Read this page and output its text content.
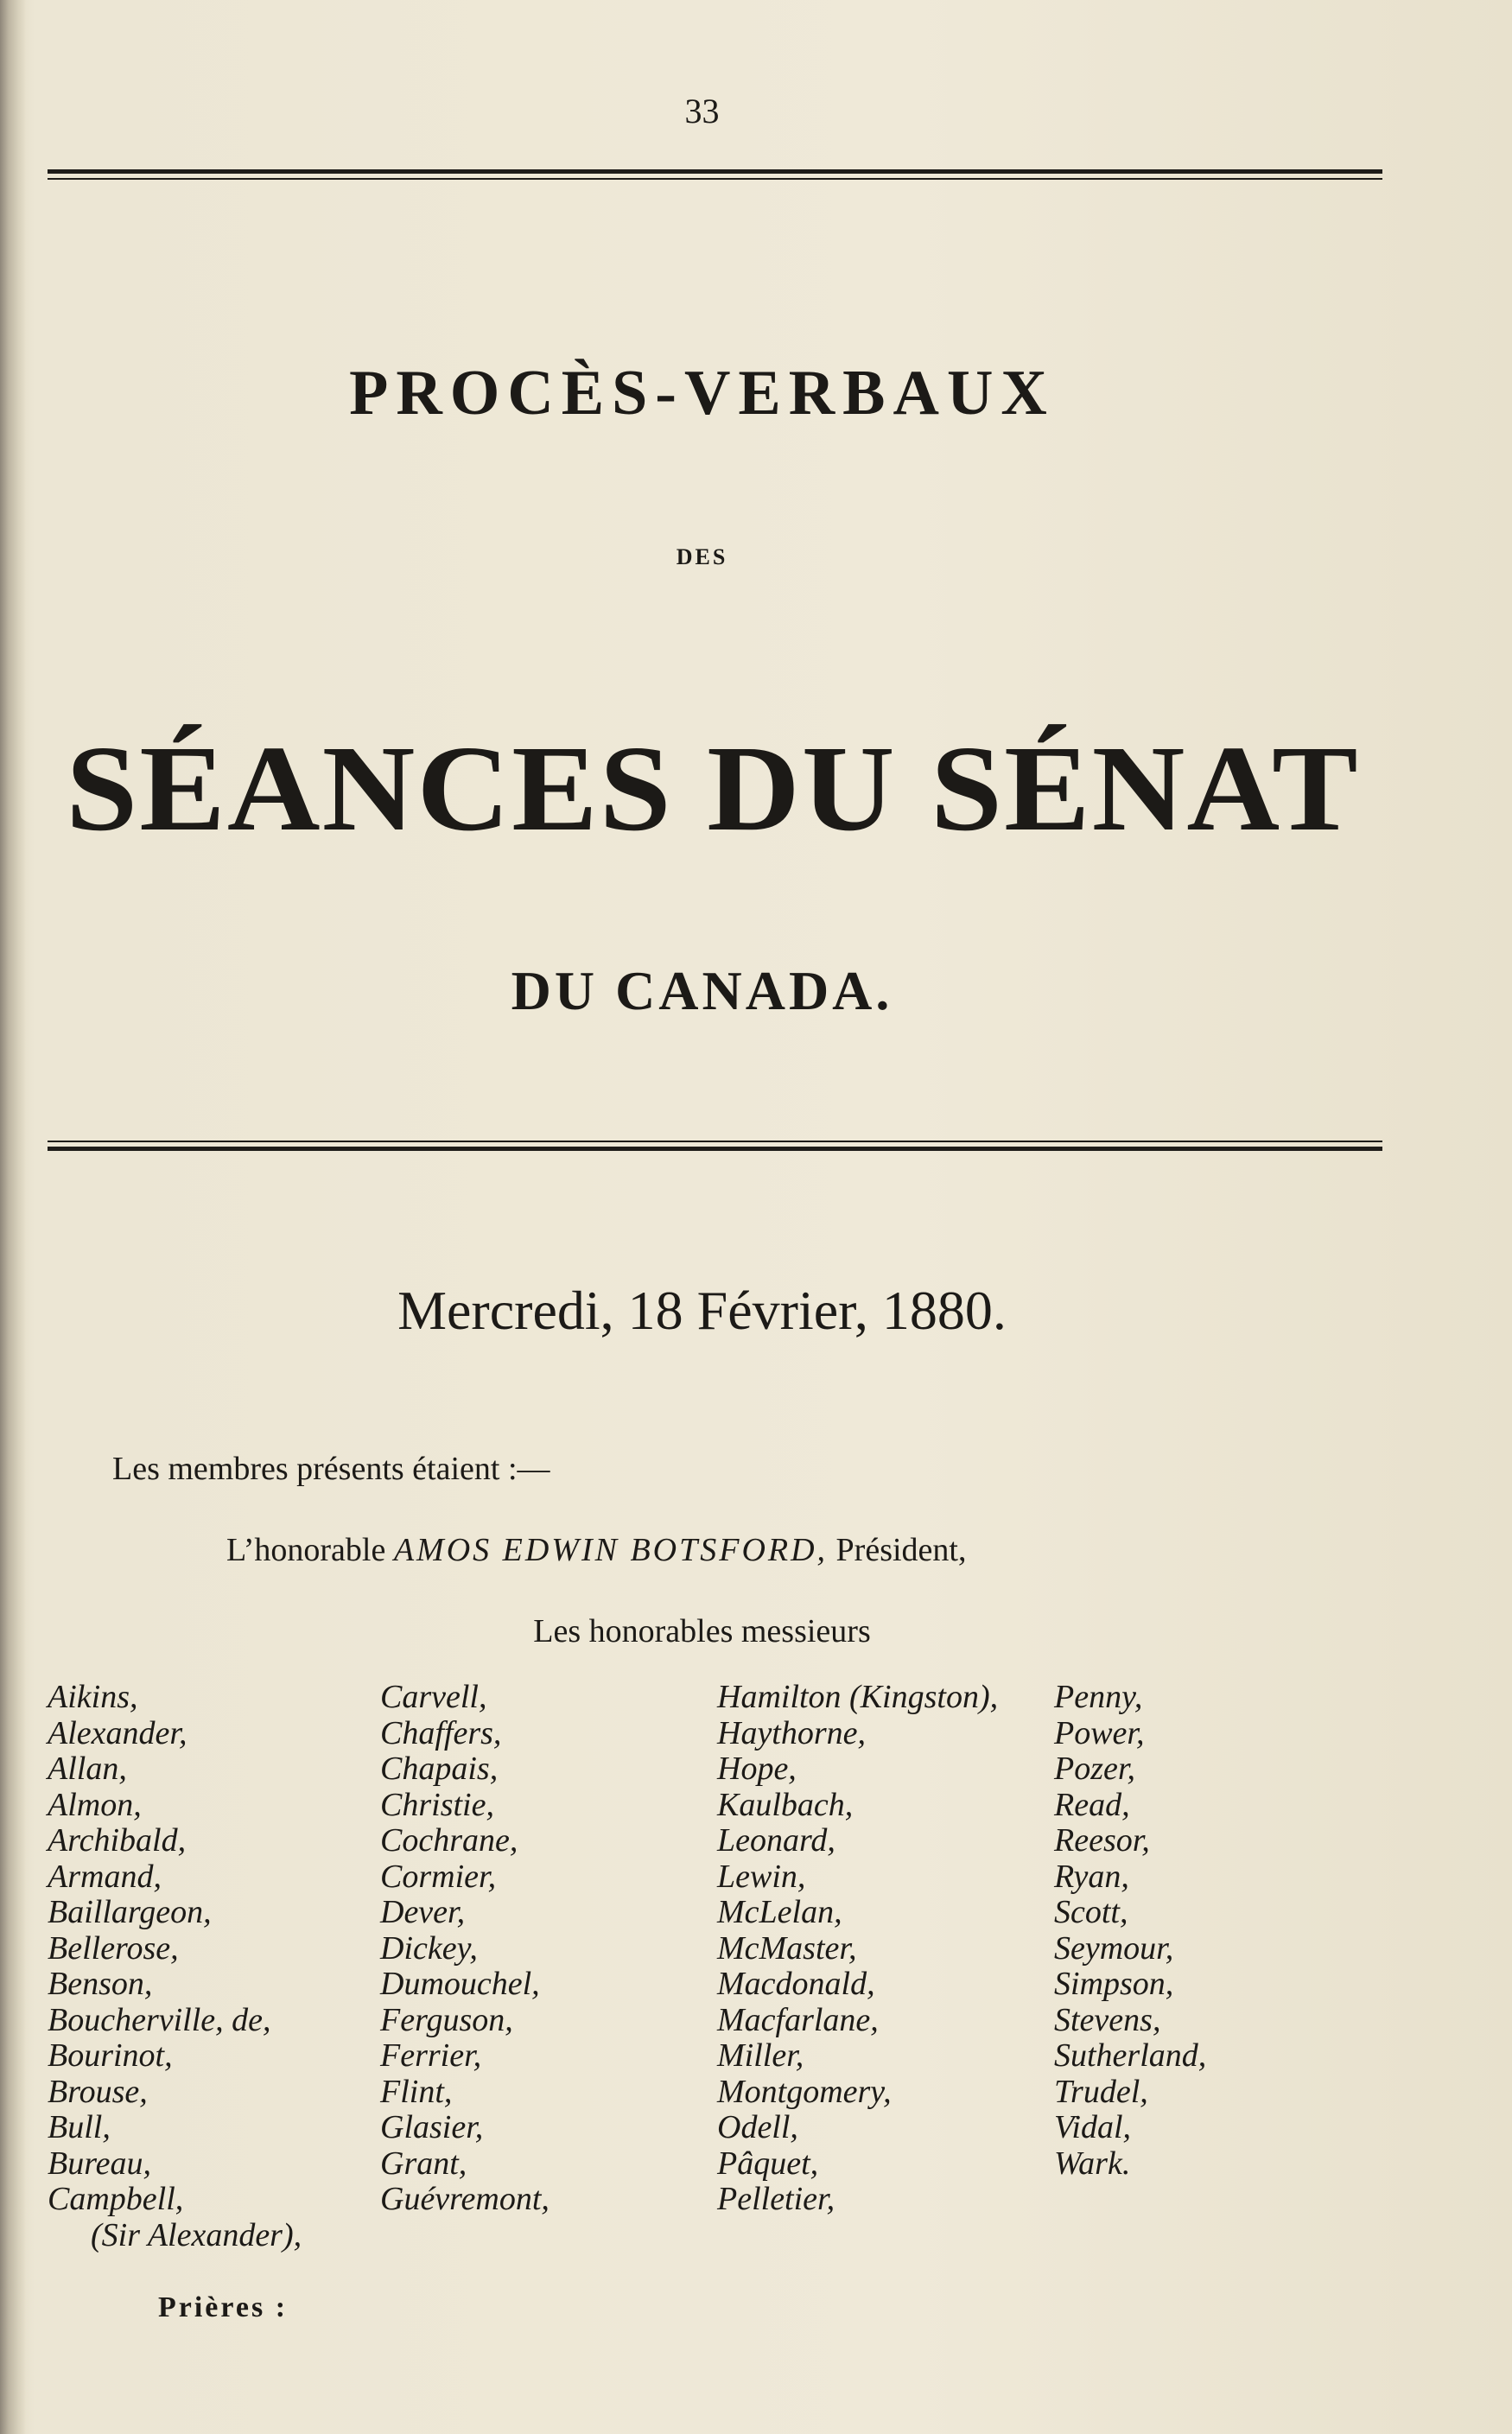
33
PROCÈS-VERBAUX
DES
SÉANCES DU SÉNAT
DU CANADA.
Mercredi, 18 Février, 1880.
Les membres présents étaient :—
L’honorable AMOS EDWIN BOTSFORD, Président,
Les honorables messieurs
Aikins,
Alexander,
Allan,
Almon,
Archibald,
Armand,
Baillargeon,
Bellerose,
Benson,
Boucherville, de,
Bourinot,
Brouse,
Bull,
Bureau,
Campbell,
(Sir Alexander),
Carvell,
Chaffers,
Chapais,
Christie,
Cochrane,
Cormier,
Dever,
Dickey,
Dumouchel,
Ferguson,
Ferrier,
Flint,
Glasier,
Grant,
Guévremont,
Hamilton (Kingston),
Haythorne,
Hope,
Kaulbach,
Leonard,
Lewin,
McLelan,
McMaster,
Macdonald,
Macfarlane,
Miller,
Montgomery,
Odell,
Pâquet,
Pelletier,
Penny,
Power,
Pozer,
Read,
Reesor,
Ryan,
Scott,
Seymour,
Simpson,
Stevens,
Sutherland,
Trudel,
Vidal,
Wark.
Prières :
